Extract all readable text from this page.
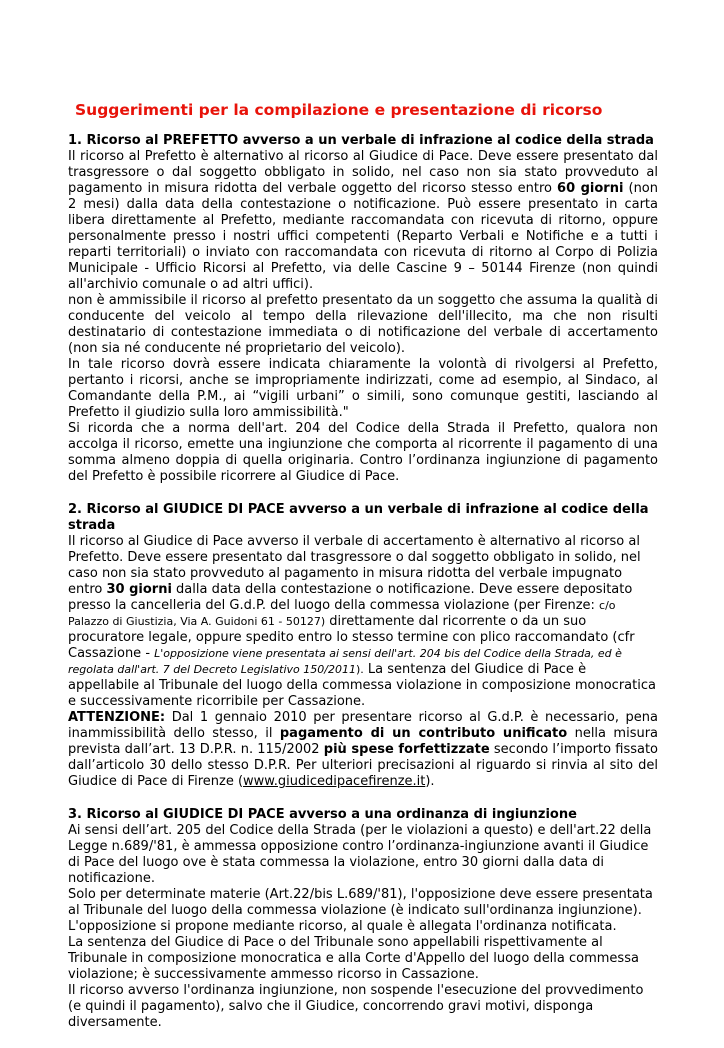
Suggerimenti per la compilazione e presentazione di ricorso

1. Ricorso al PREFETTO avverso a un verbale di infrazione al codice della strada

Il ricorso al Prefetto è alternativo al ricorso al Giudice di Pace. Deve essere presentato dal trasgressore o dal soggetto obbligato in solido, nel caso non sia stato provveduto al pagamento in misura ridotta del verbale oggetto del ricorso stesso entro 60 giorni (non 2 mesi) dalla data della contestazione o notificazione. Può essere presentato in carta libera direttamente al Prefetto, mediante raccomandata con ricevuta di ritorno, oppure personalmente presso i nostri uffici competenti (Reparto Verbali e Notifiche e a tutti i reparti territoriali) o inviato con raccomandata con ricevuta di ritorno al Corpo di Polizia Municipale - Ufficio Ricorsi al Prefetto, via delle Cascine 9 – 50144 Firenze (non quindi all'archivio comunale o ad altri uffici).

non è ammissibile il ricorso al prefetto presentato da un soggetto che assuma la qualità di conducente del veicolo al tempo della rilevazione dell'illecito, ma che non risulti destinatario di contestazione immediata o di notificazione del verbale di accertamento (non sia né conducente né proprietario del veicolo).

In tale ricorso dovrà essere indicata chiaramente la volontà di rivolgersi al Prefetto, pertanto i ricorsi, anche se impropriamente indirizzati, come ad esempio, al Sindaco, al Comandante della P.M., ai “vigili urbani” o simili, sono comunque gestiti, lasciando al Prefetto il giudizio sulla loro ammissibilità."

Si ricorda che a norma dell'art. 204 del Codice della Strada il Prefetto, qualora non accolga il ricorso, emette una ingiunzione che comporta al ricorrente il pagamento di una somma almeno doppia di quella originaria. Contro l’ordinanza ingiunzione di pagamento del Prefetto è possibile ricorrere al Giudice di Pace.

2. Ricorso al GIUDICE DI PACE avverso a un verbale di infrazione al codice della strada

Il ricorso al Giudice di Pace avverso il verbale di accertamento è alternativo al ricorso al Prefetto. Deve essere presentato dal trasgressore o dal soggetto obbligato in solido, nel caso non sia stato provveduto al pagamento in misura ridotta del verbale impugnato entro 30 giorni dalla data della contestazione o notificazione. Deve essere depositato presso la cancelleria del G.d.P. del luogo della commessa violazione (per Firenze: c/o Palazzo di Giustizia, Via A. Guidoni 61 - 50127) direttamente dal ricorrente o da un suo procuratore legale, oppure spedito entro lo stesso termine con plico raccomandato (cfr Cassazione - L'opposizione viene presentata ai sensi dell'art. 204 bis del Codice della Strada, ed è regolata dall'art. 7 del Decreto Legislativo 150/2011). La sentenza del Giudice di Pace è appellabile al Tribunale del luogo della commessa violazione in composizione monocratica e successivamente ricorribile per Cassazione.

ATTENZIONE: Dal 1 gennaio 2010 per presentare ricorso al G.d.P. è necessario, pena inammissibilità dello stesso, il pagamento di un contributo unificato nella misura prevista dall’art. 13 D.P.R. n. 115/2002 più spese forfettizzate secondo l’importo fissato dall’articolo 30 dello stesso D.P.R. Per ulteriori precisazioni al riguardo si rinvia al sito del Giudice di Pace di Firenze (www.giudicedipacefirenze.it).

3. Ricorso al GIUDICE DI PACE avverso a una ordinanza di ingiunzione

Ai sensi dell’art. 205 del Codice della Strada (per le violazioni a questo) e dell'art.22 della Legge n.689/'81, è ammessa opposizione contro l’ordinanza-ingiunzione avanti il Giudice di Pace del luogo ove è stata commessa la violazione, entro 30 giorni dalla data di notificazione.

Solo per determinate materie (Art.22/bis L.689/'81), l'opposizione deve essere presentata al Tribunale del luogo della commessa violazione (è indicato sull'ordinanza ingiunzione).

L'opposizione si propone mediante ricorso, al quale è allegata l'ordinanza notificata.

La sentenza del Giudice di Pace o del Tribunale sono appellabili rispettivamente al Tribunale in composizione monocratica e alla Corte d'Appello del luogo della commessa violazione; è successivamente ammesso ricorso in Cassazione.

Il ricorso avverso l'ordinanza ingiunzione, non sospende l'esecuzione del provvedimento (e quindi il pagamento), salvo che il Giudice, concorrendo gravi motivi, disponga diversamente.
